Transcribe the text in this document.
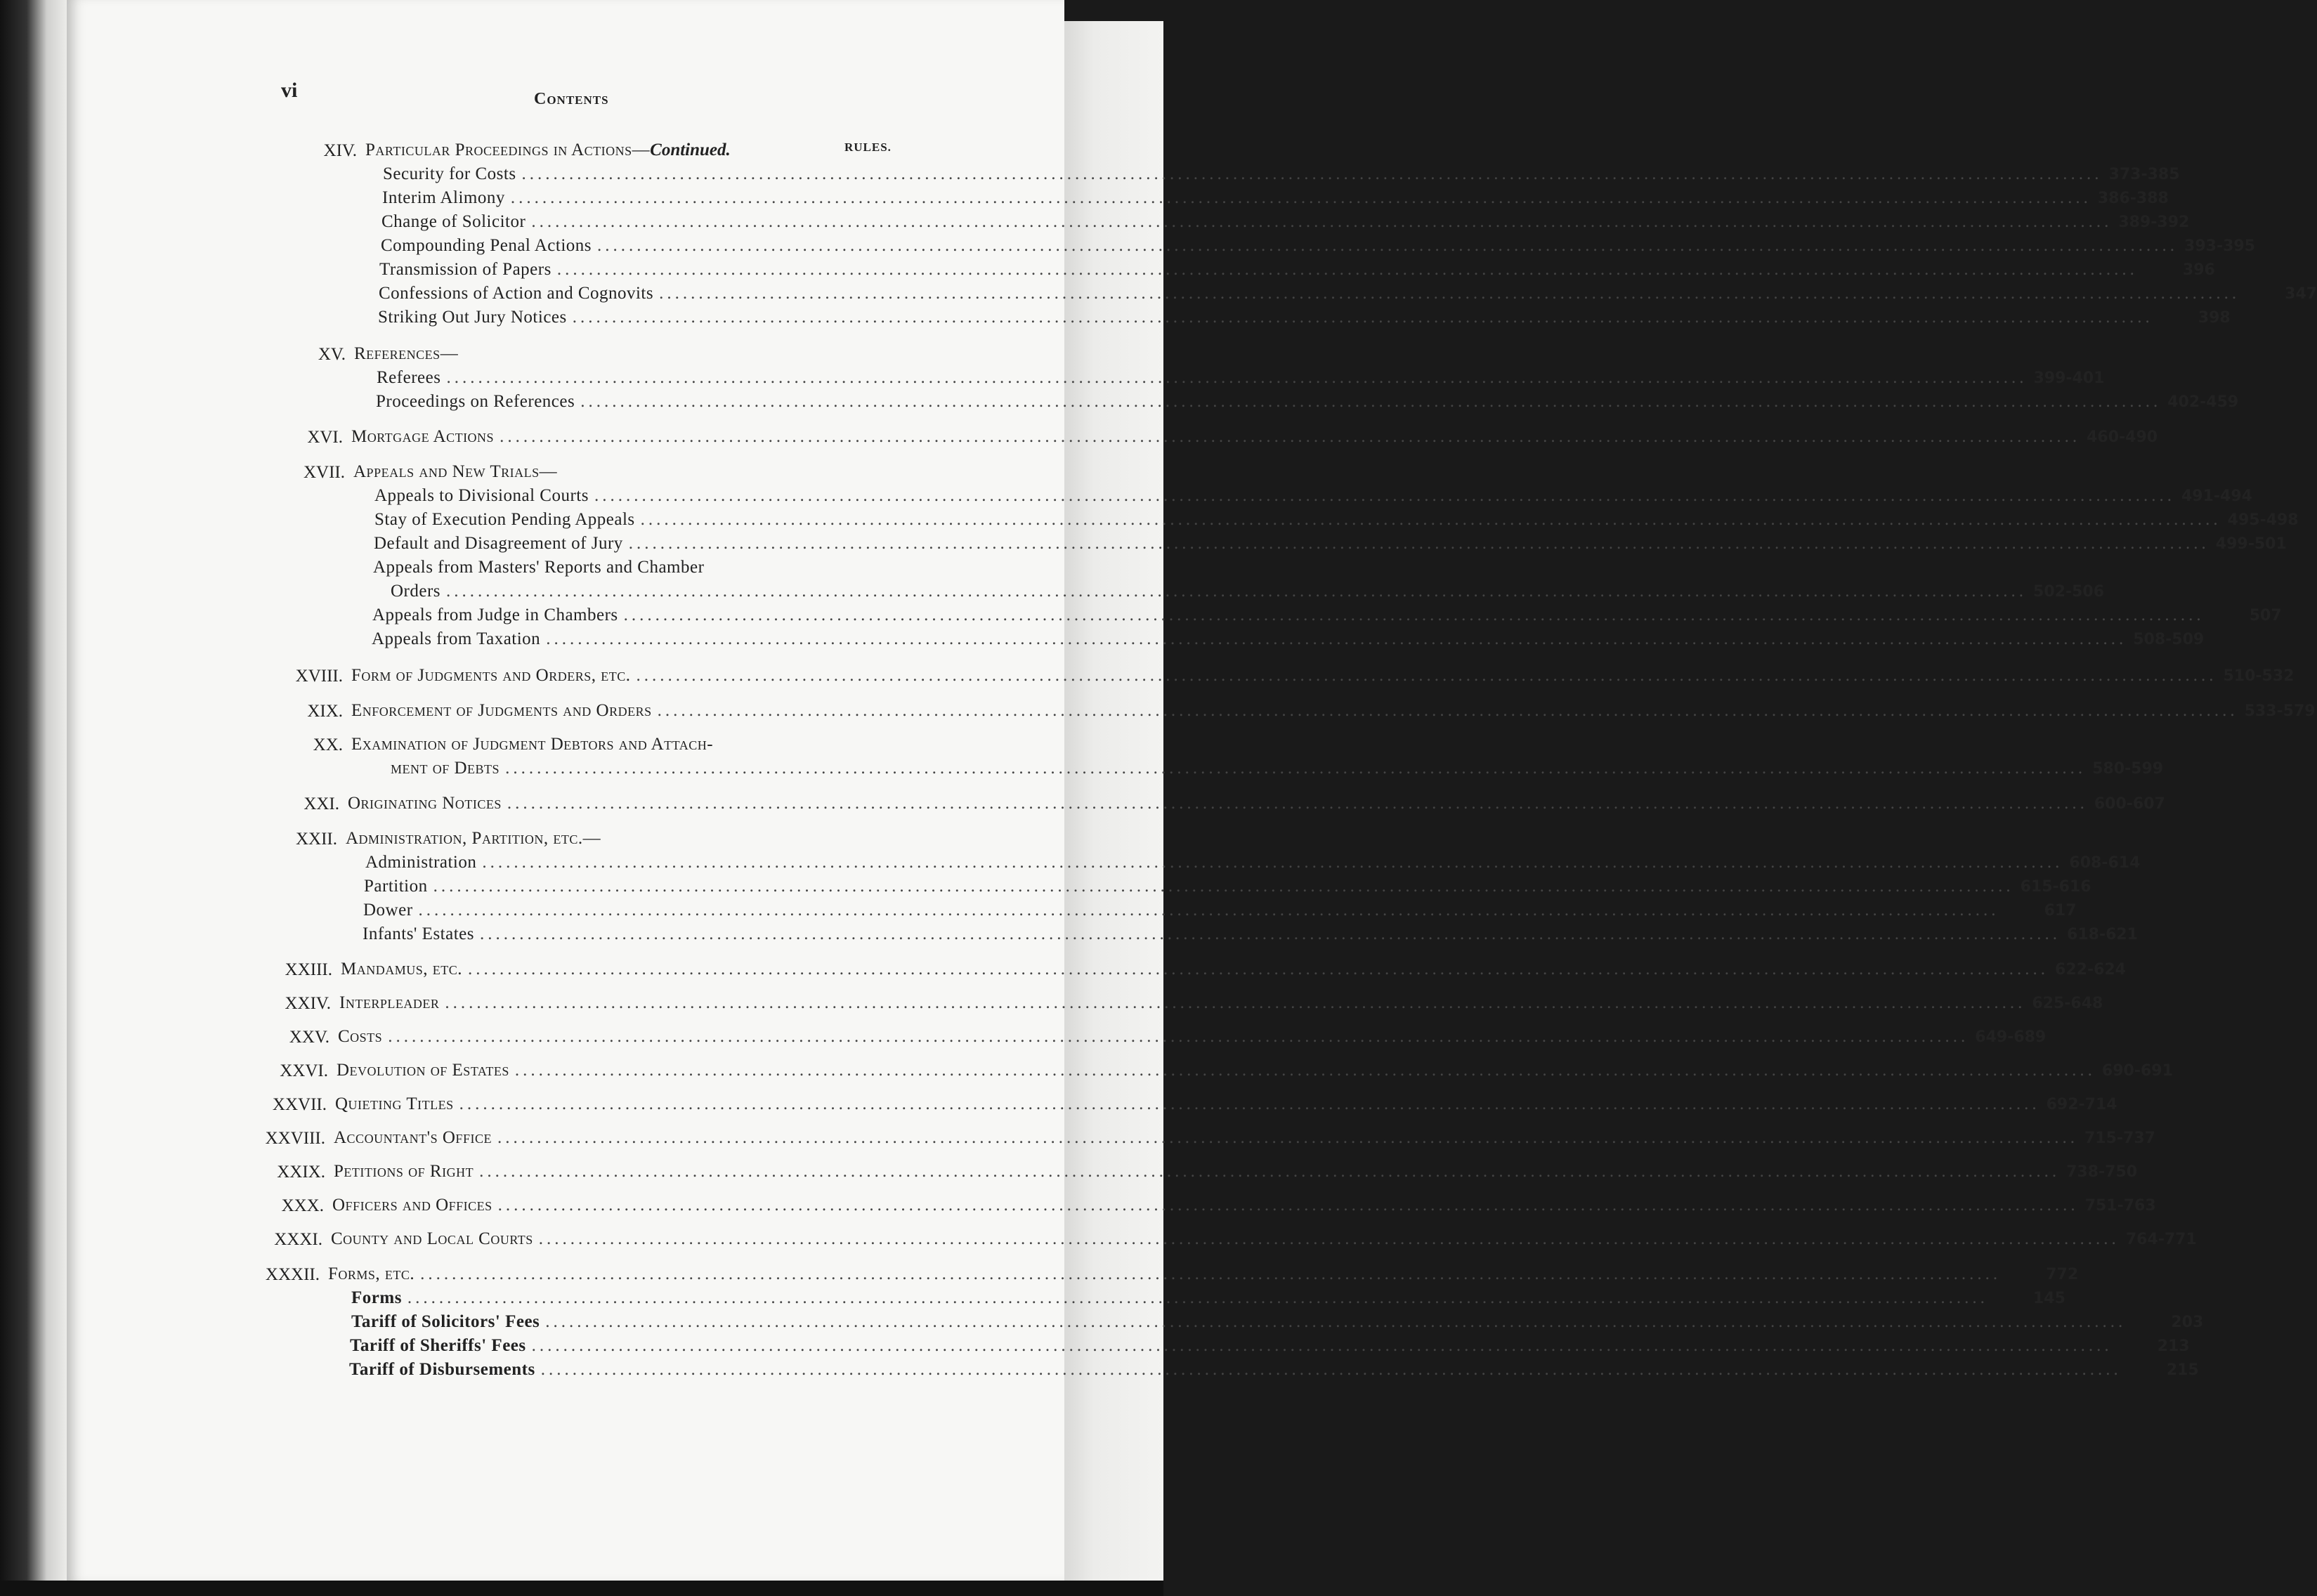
vi	Contents
RULES.
XIV. Particular Proceedings in Actions— Continued.
Security for Costs ........................................................................................................................................................................................................ 373-385
Interim Alimony ........................................................................................................................................................................................................ 386-388
Change of Solicitor ........................................................................................................................................................................................................ 389-392
Compounding Penal Actions ........................................................................................................................................................................................................ 393-395
Transmission of Papers ........................................................................................................................................................................................................	396
Confessions of Action and Cognovits ........................................................................................................................................................................................................	347
Striking Out Jury Notices ........................................................................................................................................................................................................	398
XV. References—
Referees ........................................................................................................................................................................................................ 399-401
Proceedings on References ........................................................................................................................................................................................................ 402-459
XVI. Mortgage Actions ........................................................................................................................................................................................................ 460-490
XVII. Appeals and New Trials—
Appeals to Divisional Courts ........................................................................................................................................................................................................ 491-494
Stay of Execution Pending Appeals ........................................................................................................................................................................................................ 495-498
Default and Disagreement of Jury ........................................................................................................................................................................................................ 499-501
Appeals from Masters' Reports and Chamber
Orders ........................................................................................................................................................................................................ 502-506
Appeals from Judge in Chambers ........................................................................................................................................................................................................	507
Appeals from Taxation ........................................................................................................................................................................................................ 508-509
XVIII. Form of Judgments and Orders, etc. ........................................................................................................................................................................................................ 510-532
XIX. Enforcement of Judgments and Orders ........................................................................................................................................................................................................ 533-579
XX. Examination of Judgment Debtors and Attach-
ment of Debts ........................................................................................................................................................................................................ 580-599
XXI. Originating Notices ........................................................................................................................................................................................................ 600-607
XXII. Administration, Partition, etc.—
Administration ........................................................................................................................................................................................................ 608-614
Partition ........................................................................................................................................................................................................ 615-616
Dower ........................................................................................................................................................................................................	617
Infants' Estates ........................................................................................................................................................................................................ 618-621
XXIII. Mandamus, etc. ........................................................................................................................................................................................................ 622-624
XXIV. Interpleader ........................................................................................................................................................................................................ 625-648
XXV. Costs ........................................................................................................................................................................................................ 649-689
XXVI. Devolution of Estates ........................................................................................................................................................................................................ 690-691
XXVII. Quieting Titles ........................................................................................................................................................................................................ 692-714
XXVIII. Accountant's Office ........................................................................................................................................................................................................ 715-737
XXIX. Petitions of Right ........................................................................................................................................................................................................ 738-750
XXX. Officers and Offices ........................................................................................................................................................................................................ 751-763
XXXI. County and Local Courts ........................................................................................................................................................................................................ 764-771
XXXII. Forms, etc. ........................................................................................................................................................................................................	772
Forms ........................................................................................................................................................................................................	145
Tariff of Solicitors' Fees ........................................................................................................................................................................................................	203
Tariff of Sheriffs' Fees ........................................................................................................................................................................................................	213
Tariff of Disbursements ........................................................................................................................................................................................................	215
